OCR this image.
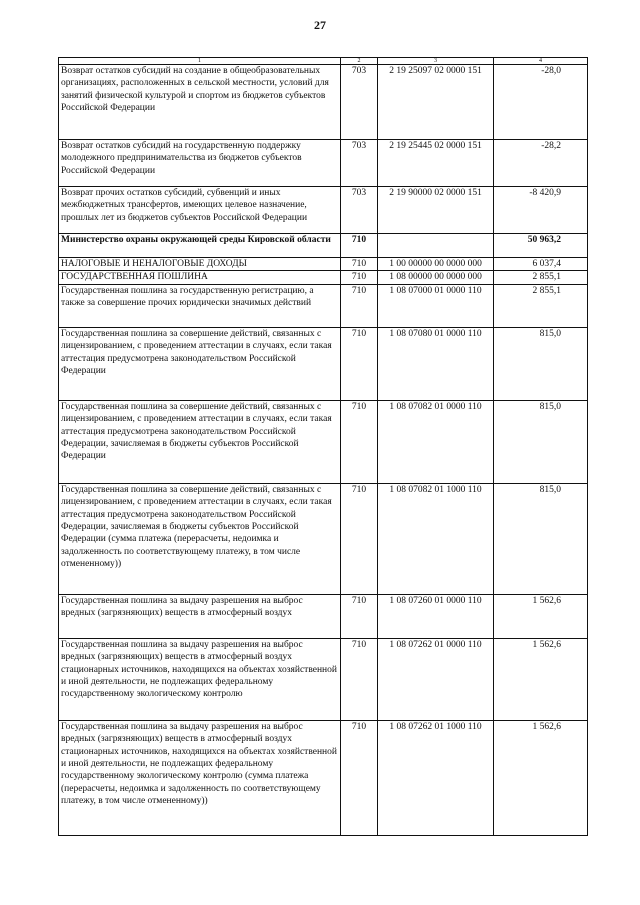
27
1	2	3	4
Возврат остатков субсидий на создание в общеобразовательных организациях, расположенных в сельской местности, условий для занятий физической культурой и спортом из бюджетов субъектов Российской Федерации	703	2 19 25097 02 0000 151	-28,0
Возврат остатков субсидий на государственную поддержку молодежного предпринимательства из бюджетов субъектов Российской Федерации	703	2 19 25445 02 0000 151	-28,2
Возврат прочих остатков субсидий, субвенций и иных межбюджетных трансфертов, имеющих целевое назначение, прошлых лет из бюджетов субъектов Российской Федерации	703	2 19 90000 02 0000 151	-8 420,9
Министерство охраны окружающей среды Кировской области	710		50 963,2
НАЛОГОВЫЕ И НЕНАЛОГОВЫЕ ДОХОДЫ	710	1 00 00000 00 0000 000	6 037,4
ГОСУДАРСТВЕННАЯ ПОШЛИНА	710	1 08 00000 00 0000 000	2 855,1
Государственная пошлина за государственную регистрацию, а также за совершение прочих юридически значимых действий	710	1 08 07000 01 0000 110	2 855,1
Государственная пошлина за совершение действий, связанных с лицензированием, с проведением аттестации в случаях, если такая аттестация предусмотрена законодательством Российской Федерации	710	1 08 07080 01 0000 110	815,0
Государственная пошлина за совершение действий, связанных с лицензированием, с проведением аттестации в случаях, если такая аттестация предусмотрена законодательством Российской Федерации, зачисляемая в бюджеты субъектов Российской Федерации	710	1 08 07082 01 0000 110	815,0
Государственная пошлина за совершение действий, связанных с лицензированием, с проведением аттестации в случаях, если такая аттестация предусмотрена законодательством Российской Федерации, зачисляемая в бюджеты субъектов Российской Федерации (сумма платежа (перерасчеты, недоимка и задолженность по соответствующему платежу, в том числе отмененному))	710	1 08 07082 01 1000 110	815,0
Государственная пошлина за выдачу разрешения на выброс вредных (загрязняющих) веществ в атмосферный воздух	710	1 08 07260 01 0000 110	1 562,6
Государственная пошлина за выдачу разрешения на выброс вредных (загрязняющих) веществ в атмосферный воздух стационарных источников, находящихся на объектах хозяйственной и иной деятельности, не подлежащих федеральному государственному экологическому контролю	710	1 08 07262 01 0000 110	1 562,6
Государственная пошлина за выдачу разрешения на выброс вредных (загрязняющих) веществ в атмосферный воздух стационарных источников, находящихся на объектах хозяйственной и иной деятельности, не подлежащих федеральному государственному экологическому контролю (сумма платежа (перерасчеты, недоимка и задолженность по соответствующему платежу, в том числе отмененному))	710	1 08 07262 01 1000 110	1 562,6
